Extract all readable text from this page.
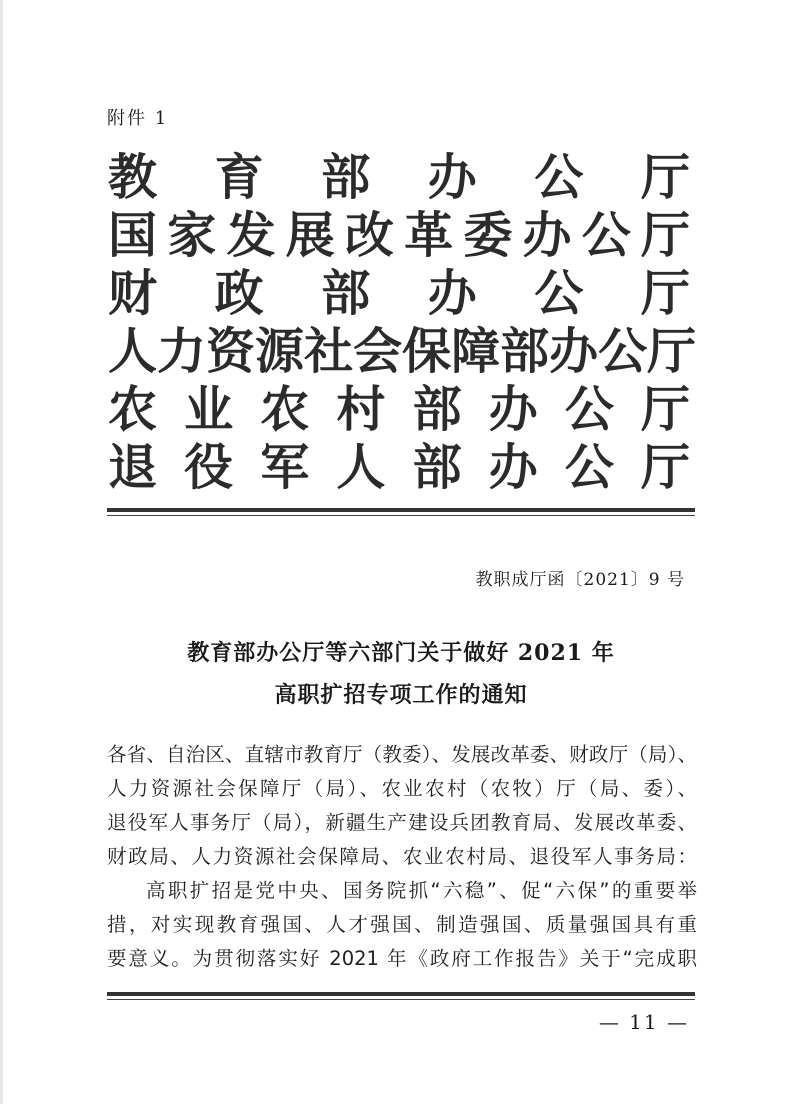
附件 1
教 育 部 办 公 厅
国 家 发 展 改 革 委 办 公 厅
财 政 部 办 公 厅
人 力 资 源 社 会 保 障 部 办 公 厅
农 业 农 村 部 办 公 厅
退 役 军 人 部 办 公 厅
教职成厅函〔2021〕9 号
教育部办公厅等六部门关于做好 2021 年
高职扩招专项工作的通知

各省、自治区、直辖市教育厅（教委）、发展改革委、财政厅（局）、

人力资源社会保障厅（局）、农业农村（农牧）厅（局、委）、

退役军人事务厅（局），新疆生产建设兵团教育局、发展改革委、

财政局、人力资源社会保障局、农业农村局、退役军人事务局：

高职扩招是党中央、国务院抓“六稳”、促“六保”的重要举

措，对实现教育强国、人才强国、制造强国、质量强国具有重

要意义。为贯彻落实好 2021 年《政府工作报告》关于“完成职

— 11 —
